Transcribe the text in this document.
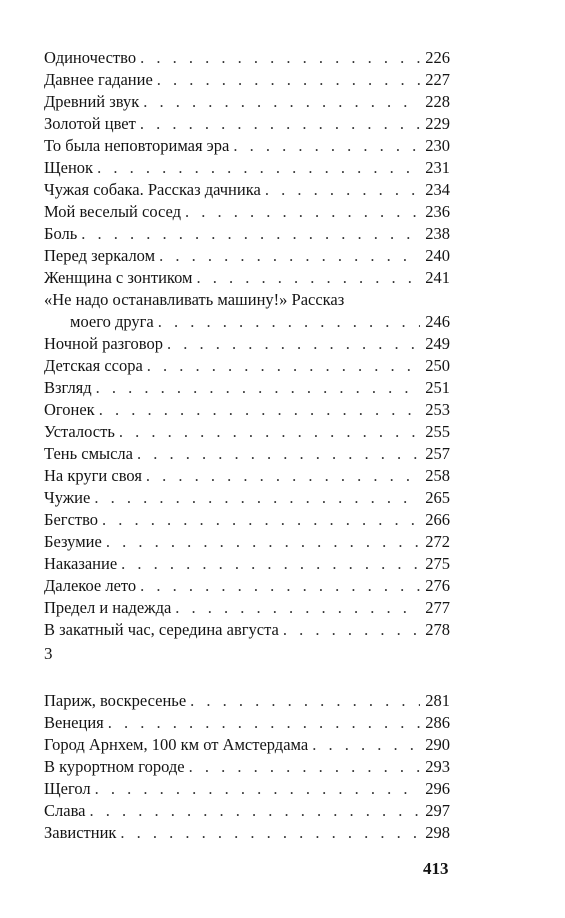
Одиночество . . .	226
Давнее гадание . . .	227
Древний звук . . .	228
Золотой цвет . . .	229
То была неповторимая эра . . .	230
Щенок . . .	231
Чужая собака. Рассказ дачника . . .	234
Мой веселый сосед . . .	236
Боль . . .	238
Перед зеркалом . . .	240
Женщина с зонтиком . . .	241
«Не надо останавливать машину!» Рассказ
моего друга . . .	246
Ночной разговор . . .	249
Детская ссора . . .	250
Взгляд . . .	251
Огонек . . .	253
Усталость . . .	255
Тень смысла . . .	257
На круги своя . . .	258
Чужие . . .	265
Бегство . . .	266
Безумие . . .	272
Наказание . . .	275
Далекое лето . . .	276
Предел и надежда . . .	277
В закатный час, середина августа . . .	278
Париж, воскресенье . . .	281
Венеция . . .	286
Город Арнхем, 100 км от Амстердама . . .	290
В курортном городе . . .	293
Щегол . . .	296
Слава . . .	297
Завистник . . .	298
3
413
